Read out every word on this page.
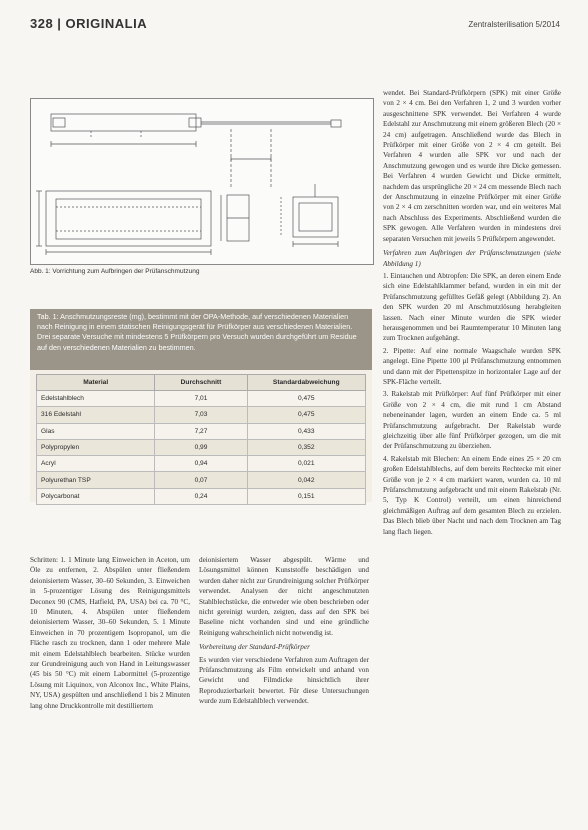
328 | ORIGINALIA	Zentralsterilisation 5/2014
Abb. 1: Vorrichtung zum Aufbringen der Prüfanschmutzung
Tab. 1: Anschmutzungsreste (mg), bestimmt mit der OPA-Methode, auf verschiedenen Materialien nach Reinigung in einem statischen Reinigungsgerät für Prüfkörper aus verschiedenen Materialien. Drei separate Versuche mit mindestens 5 Prüfkörpern pro Versuch wurden durchgeführt um Residue auf den verschiedenen Materialien zu bestimmen.
Material	Durchschnitt	Standardabweichung
Edelstahlblech	7,01	0,475
316 Edelstahl	7,03	0,475
Glas	7,27	0,433
Polypropylen	0,99	0,352
Acryl	0,94	0,021
Polyurethan TSP	0,07	0,042
Polycarbonat	0,24	0,151

Schritten: 1. 1 Minute lang Einweichen in Aceton, um Öle zu entfernen, 2. Abspülen unter fließendem deionisiertem Wasser, 30–60 Sekunden, 3. Einweichen in 5-prozentiger Lösung des Reinigungsmittels Deconex 90 (CMS, Hatfield, PA, USA) bei ca. 70 °C, 10 Minuten, 4. Abspülen unter fließendem deionisiertem Wasser, 30–60 Sekunden, 5. 1 Minute Einweichen in 70 prozentigem Isopropanol, um die Fläche rasch zu trocknen, dann 1 oder mehrere Male mit einem Edelstahlblech bearbeiten. Stücke wurden zur Grundreinigung auch von Hand in Leitungswasser (45 bis 50 °C) mit einem Labormittel (5-prozentige Lösung mit Liquinox, von Alconox Inc., White Plains, NY, USA) gespülten und anschließend 1 bis 2 Minuten lang ohne Druckkontrolle mit destilliertem

deionisiertem Wasser abgespült. Wärme und Lösungsmittel können Kunststoffe beschädigen und wurden daher nicht zur Grundreinigung solcher Prüfkörper verwendet. Analysen der nicht angeschmutzten Stahlblechstücke, die entweder wie oben beschrieben oder nicht gereinigt wurden, zeigten, dass auf den SPK bei Baseline nicht vorhanden sind und eine gründliche Reinigung wahrscheinlich nicht notwendig ist.

Vorbereitung der Standard-Prüfkörper

Es wurden vier verschiedene Verfahren zum Auftragen der Prüfanschmutzung als Film entwickelt und anhand von Gewicht und Filmdicke hinsichtlich ihrer Reproduzierbarkeit bewertet. Für diese Untersuchungen wurde zum Edelstahlblech verwendet.

wendet. Bei Standard-Prüfkörpern (SPK) mit einer Größe von 2 × 4 cm. Bei den Verfahren 1, 2 und 3 wurden vorher ausgeschnittene SPK verwendet. Bei Verfahren 4 wurde Edelstahl zur Anschmutzung mit einem größeren Blech (20 × 24 cm) aufgetragen. Anschließend wurde das Blech in Prüfkörper mit einer Größe von 2 × 4 cm geteilt. Bei Verfahren 4 wurden alle SPK vor und nach der Anschmutzung gewogen und es wurde ihre Dicke gemessen. Bei Verfahren 4 wurden Gewicht und Dicke ermittelt, nachdem das ursprüngliche 20 × 24 cm messende Blech nach der Anschmutzung in einzelne Prüfkörper mit einer Größe von 2 × 4 cm zerschnitten worden war, und ein weiteres Mal nach Abschluss des Experiments. Abschließend wurden die SPK gewogen. Alle Verfahren wurden in mindestens drei separaten Versuchen mit jeweils 5 Prüfkörpern angewendet.

Verfahren zum Aufbringen der Prüfanschmutzungen (siehe Abbildung 1)

1. Eintauchen und Abtropfen: Die SPK, an deren einem Ende sich eine Edelstahlklammer befand, wurden in ein mit der Prüfanschmutzung gefülltes Gefäß gelegt (Abbildung 2). An den SPK wurden 20 ml Anschmutzlösung herabgleiten lassen. Nach einer Minute wurden die SPK wieder herausgenommen und bei Raumtemperatur 10 Minuten lang zum Trocknen aufgehängt.

2. Pipette: Auf eine normale Waagschale wurden SPK angelegt. Eine Pipette 100 µl Prüfanschmutzung entnommen und dann mit der Pipettenspitze in horizontaler Lage auf der SPK-Fläche verteilt.

3. Rakelstab mit Prüfkörper: Auf fünf Prüfkörper mit einer Größe von 2 × 4 cm, die mit rund 1 cm Abstand nebeneinander lagen, wurden an einem Ende ca. 5 ml Prüfanschmutzung aufgebracht. Der Rakelstab wurde gleichzeitig über alle fünf Prüfkörper gezogen, um die mit der Prüfanschmutzung zu überziehen.

4. Rakelstab mit Blechen: An einem Ende eines 25 × 20 cm großen Edelstahlblechs, auf dem bereits Rechtecke mit einer Größe von je 2 × 4 cm markiert waren, wurden ca. 10 ml Prüfanschmutzung aufgebracht und mit einem Rakelstab (Nr. 5, Typ K Control) verteilt, um einen hinreichend gleichmäßigen Auftrag auf dem gesamten Blech zu erzielen. Das Blech blieb über Nacht und nach dem Trocknen am Tag lang flach liegen.
